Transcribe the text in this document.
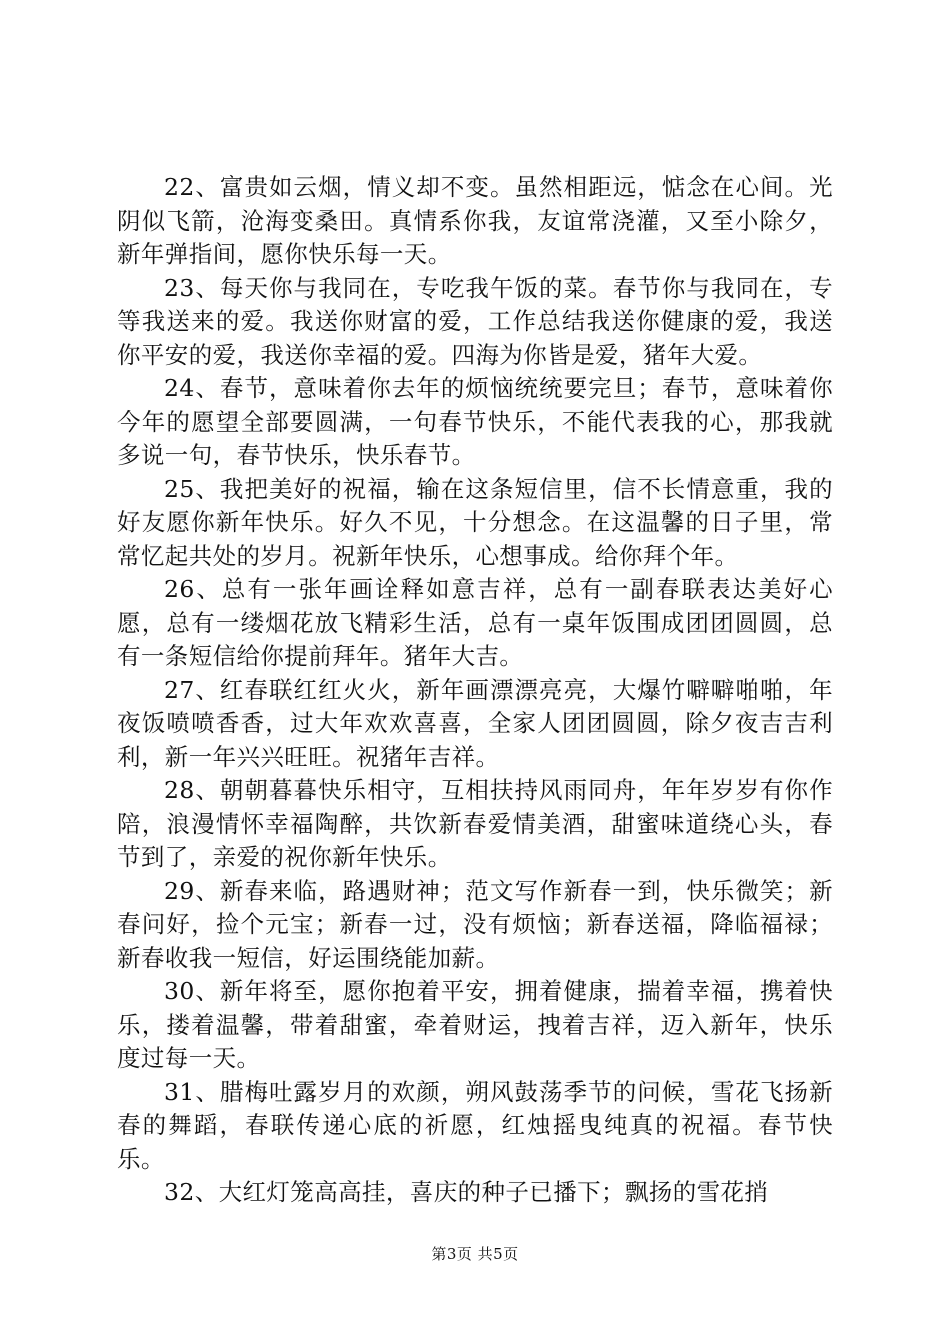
22、富贵如云烟，情义却不变。虽然相距远，惦念在心间。光阴似飞箭，沧海变桑田。真情系你我，友谊常浇灌，又至小除夕，新年弹指间，愿你快乐每一天。

23、每天你与我同在，专吃我午饭的菜。春节你与我同在，专等我送来的爱。我送你财富的爱，工作总结我送你健康的爱，我送你平安的爱，我送你幸福的爱。四海为你皆是爱，猪年大爱。

24、春节，意味着你去年的烦恼统统要完旦；春节，意味着你今年的愿望全部要圆满，一句春节快乐，不能代表我的心，那我就多说一句，春节快乐，快乐春节。

25、我把美好的祝福，输在这条短信里，信不长情意重，我的好友愿你新年快乐。好久不见，十分想念。在这温馨的日子里，常常忆起共处的岁月。祝新年快乐，心想事成。给你拜个年。

26、总有一张年画诠释如意吉祥，总有一副春联表达美好心愿，总有一缕烟花放飞精彩生活，总有一桌年饭围成团团圆圆，总有一条短信给你提前拜年。猪年大吉。

27、红春联红红火火，新年画漂漂亮亮，大爆竹噼噼啪啪，年夜饭喷喷香香，过大年欢欢喜喜，全家人团团圆圆，除夕夜吉吉利利，新一年兴兴旺旺。祝猪年吉祥。

28、朝朝暮暮快乐相守，互相扶持风雨同舟，年年岁岁有你作陪，浪漫情怀幸福陶醉，共饮新春爱情美酒，甜蜜味道绕心头，春节到了，亲爱的祝你新年快乐。

29、新春来临，路遇财神；范文写作新春一到，快乐微笑；新春问好，捡个元宝；新春一过，没有烦恼；新春送福，降临福禄；新春收我一短信，好运围绕能加薪。

30、新年将至，愿你抱着平安，拥着健康，揣着幸福，携着快乐，搂着温馨，带着甜蜜，牵着财运，拽着吉祥，迈入新年，快乐度过每一天。

31、腊梅吐露岁月的欢颜，朔风鼓荡季节的问候，雪花飞扬新春的舞蹈，春联传递心底的祈愿，红烛摇曳纯真的祝福。春节快乐。

32、大红灯笼高高挂，喜庆的种子已播下；飘扬的雪花捎

第3页 共5页
